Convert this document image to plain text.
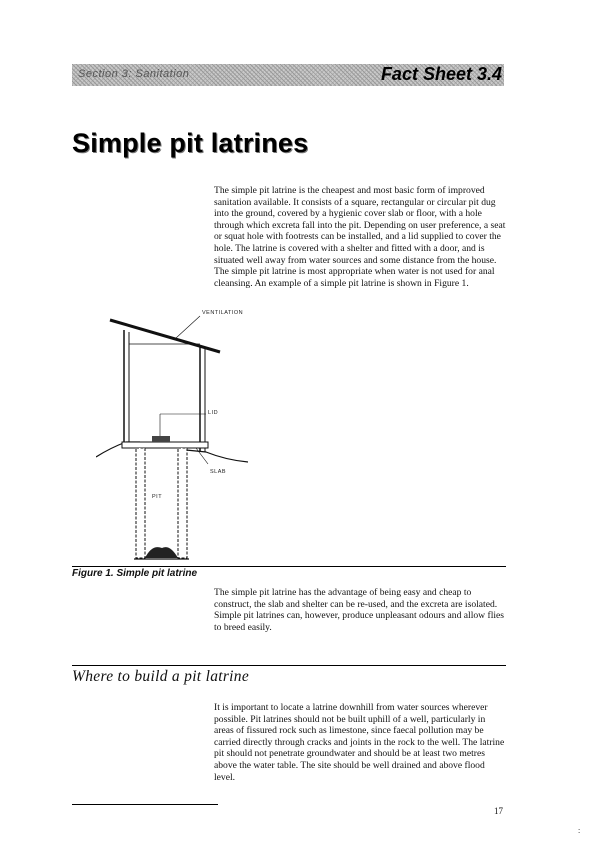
Section 3: Sanitation	Fact Sheet 3.4
Simple pit latrines

The simple pit latrine is the cheapest and most basic form of improved sanitation available. It consists of a square, rectangular or circular pit dug into the ground, covered by a hygienic cover slab or floor, with a hole through which excreta fall into the pit. Depending on user preference, a seat or squat hole with footrests can be installed, and a lid supplied to cover the hole. The latrine is covered with a shelter and fitted with a door, and is situated well away from water sources and some distance from the house. The simple pit latrine is most appropriate when water is not used for anal cleansing. An example of a simple pit latrine is shown in Figure 1.

VENTILATION
LID
SLAB
PIT

Figure 1. Simple pit latrine

The simple pit latrine has the advantage of being easy and cheap to construct, the slab and shelter can be re-used, and the excreta are isolated. Simple pit latrines can, however, produce unpleasant odours and allow flies to breed easily.

Where to build a pit latrine

It is important to locate a latrine downhill from water sources wherever possible. Pit latrines should not be built uphill of a well, particularly in areas of fissured rock such as limestone, since faecal pollution may be carried directly through cracks and joints in the rock to the well. The latrine pit should not penetrate groundwater and should be at least two metres above the water table. The site should be well drained and above flood level.

17
:
